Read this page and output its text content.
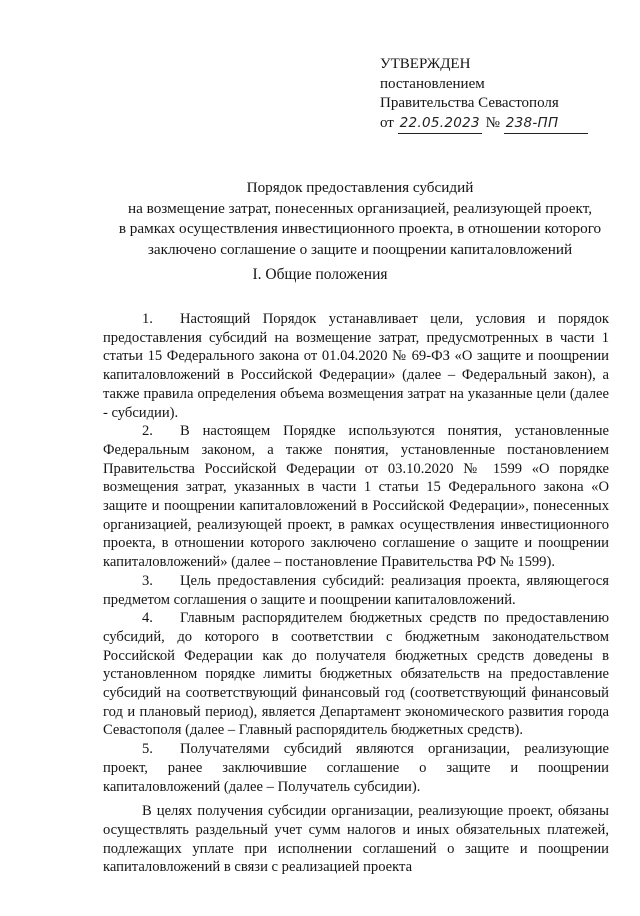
УТВЕРЖДЕН
постановлением
Правительства Севастополя
от 22.05.2023 № 238-ПП
Порядок предоставления субсидий
на возмещение затрат, понесенных организацией, реализующей проект,
в рамках осуществления инвестиционного проекта, в отношении которого
заключено соглашение о защите и поощрении капиталовложений
I. Общие положения

1. Настоящий Порядок устанавливает цели, условия и порядок предоставления субсидий на возмещение затрат, предусмотренных в части 1 статьи 15 Федерального закона от 01.04.2020 № 69-ФЗ «О защите и поощрении капиталовложений в Российской Федерации» (далее – Федеральный закон), а также правила определения объема возмещения затрат на указанные цели (далее - субсидии).

2. В настоящем Порядке используются понятия, установленные Федеральным законом, а также понятия, установленные постановлением Правительства Российской Федерации от 03.10.2020 № 1599 «О порядке возмещения затрат, указанных в части 1 статьи 15 Федерального закона «О защите и поощрении капиталовложений в Российской Федерации», понесенных организацией, реализующей проект, в рамках осуществления инвестиционного проекта, в отношении которого заключено соглашение о защите и поощрении капиталовложений» (далее – постановление Правительства РФ № 1599).

3. Цель предоставления субсидий: реализация проекта, являющегося предметом соглашения о защите и поощрении капиталовложений.

4. Главным распорядителем бюджетных средств по предоставлению субсидий, до которого в соответствии с бюджетным законодательством Российской Федерации как до получателя бюджетных средств доведены в установленном порядке лимиты бюджетных обязательств на предоставление субсидий на соответствующий финансовый год (соответствующий финансовый год и плановый период), является Департамент экономического развития города Севастополя (далее – Главный распорядитель бюджетных средств).

5. Получателями субсидий являются организации, реализующие проект, ранее заключившие соглашение о защите и поощрении капиталовложений (далее – Получатель субсидии).

В целях получения субсидии организации, реализующие проект, обязаны осуществлять раздельный учет сумм налогов и иных обязательных платежей, подлежащих уплате при исполнении соглашений о защите и поощрении капиталовложений в связи с реализацией проекта
